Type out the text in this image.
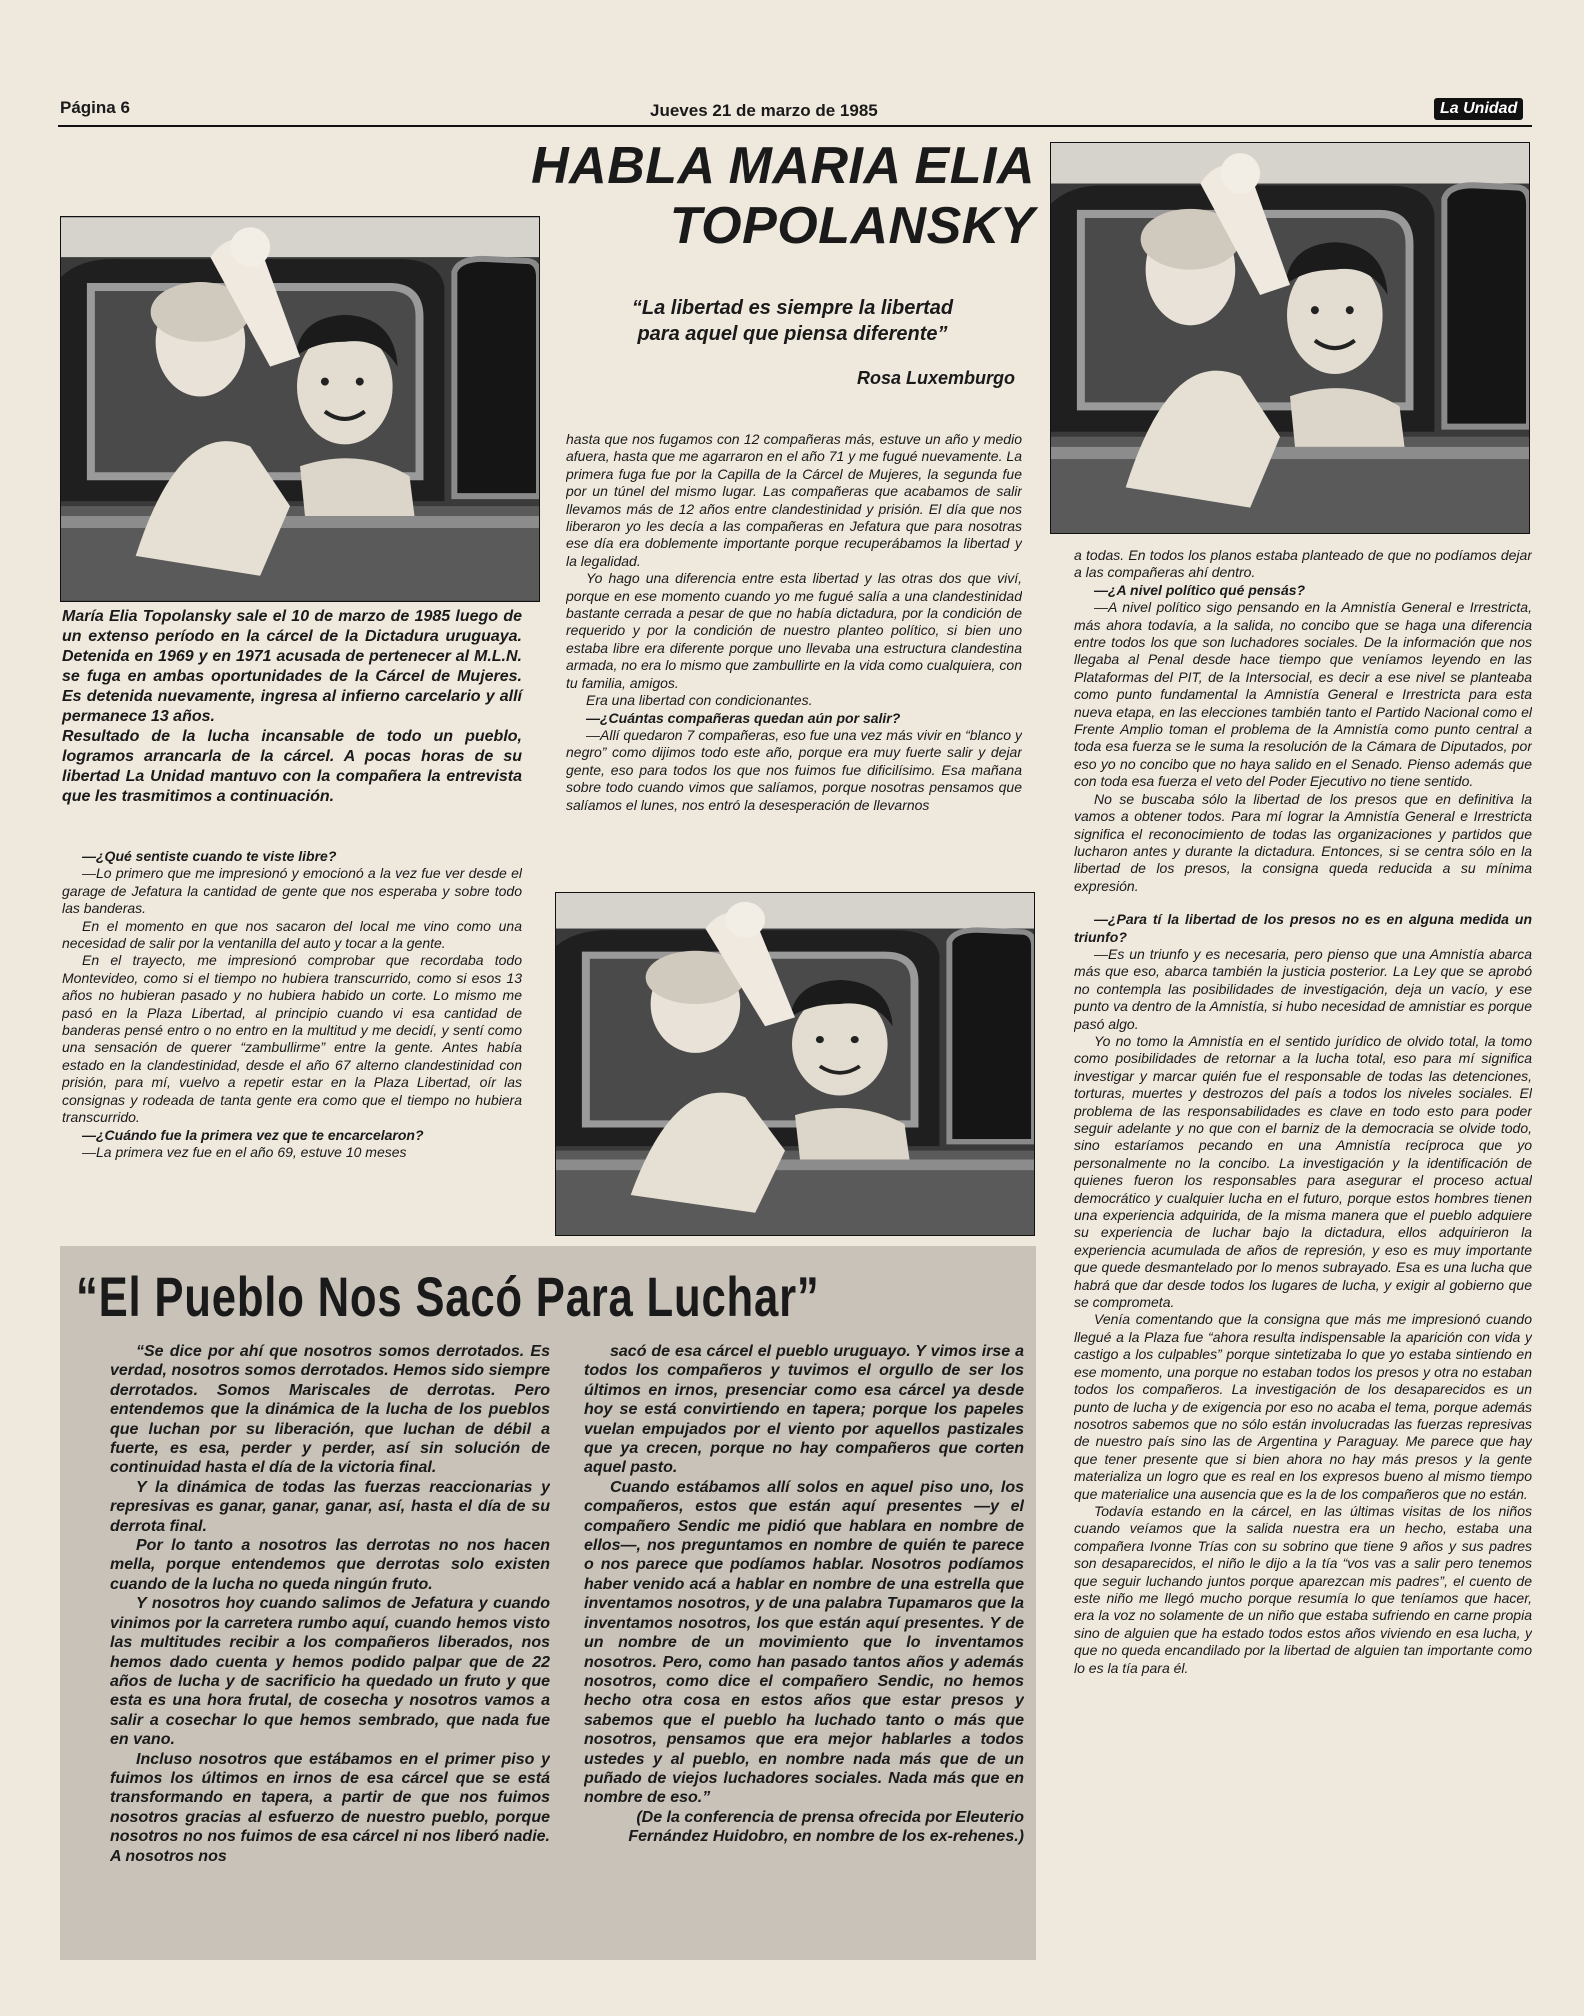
Página 6	Jueves 21 de marzo de 1985	La Unidad
HABLA MARIA ELIA
TOPOLANSKY
“La libertad es siempre la libertad
para aquel que piensa diferente”
Rosa Luxemburgo

María Elia Topolansky sale el 10 de marzo de 1985 luego de un extenso período en la cárcel de la Dictadura uruguaya. Detenida en 1969 y en 1971 acusada de pertenecer al M.L.N. se fuga en ambas oportunidades de la Cárcel de Mujeres. Es detenida nuevamente, ingresa al infierno carcelario y allí permanece 13 años.

Resultado de la lucha incansable de todo un pueblo, logramos arrancarla de la cárcel. A pocas horas de su libertad La Unidad mantuvo con la compañera la entrevista que les trasmitimos a continuación.

—¿Qué sentiste cuando te viste libre?

—Lo primero que me impresionó y emocionó a la vez fue ver desde el garage de Jefatura la cantidad de gente que nos esperaba y sobre todo las banderas.

En el momento en que nos sacaron del local me vino como una necesidad de salir por la ventanilla del auto y tocar a la gente.

En el trayecto, me impresionó comprobar que recordaba todo Montevideo, como si el tiempo no hubiera transcurrido, como si esos 13 años no hubieran pasado y no hubiera habido un corte. Lo mismo me pasó en la Plaza Libertad, al principio cuando vi esa cantidad de banderas pensé entro o no entro en la multitud y me decidí, y sentí como una sensación de querer “zambullirme” entre la gente. Antes había estado en la clandestinidad, desde el año 67 alterno clandestinidad con prisión, para mí, vuelvo a repetir estar en la Plaza Libertad, oír las consignas y rodeada de tanta gente era como que el tiempo no hubiera transcurrido.

—¿Cuándo fue la primera vez que te encarcelaron?

—La primera vez fue en el año 69, estuve 10 meses

hasta que nos fugamos con 12 compañeras más, estuve un año y medio afuera, hasta que me agarraron en el año 71 y me fugué nuevamente. La primera fuga fue por la Capilla de la Cárcel de Mujeres, la segunda fue por un túnel del mismo lugar. Las compañeras que acabamos de salir llevamos más de 12 años entre clandestinidad y prisión. El día que nos liberaron yo les decía a las compañeras en Jefatura que para nosotras ese día era doblemente importante porque recuperábamos la libertad y la legalidad.

Yo hago una diferencia entre esta libertad y las otras dos que viví, porque en ese momento cuando yo me fugué salía a una clandestinidad bastante cerrada a pesar de que no había dictadura, por la condición de requerido y por la condición de nuestro planteo político, si bien uno estaba libre era diferente porque uno llevaba una estructura clandestina armada, no era lo mismo que zambullirte en la vida como cualquiera, con tu familia, amigos.

Era una libertad con condicionantes.

—¿Cuántas compañeras quedan aún por salir?

—Allí quedaron 7 compañeras, eso fue una vez más vivir en “blanco y negro” como dijimos todo este año, porque era muy fuerte salir y dejar gente, eso para todos los que nos fuimos fue dificilísimo. Esa mañana sobre todo cuando vimos que salíamos, porque nosotras pensamos que salíamos el lunes, nos entró la desesperación de llevarnos

a todas. En todos los planos estaba planteado de que no podíamos dejar a las compañeras ahí dentro.

—¿A nivel político qué pensás?

—A nivel político sigo pensando en la Amnistía General e Irrestricta, más ahora todavía, a la salida, no concibo que se haga una diferencia entre todos los que son luchadores sociales. De la información que nos llegaba al Penal desde hace tiempo que veníamos leyendo en las Plataformas del PIT, de la Intersocial, es decir a ese nivel se planteaba como punto fundamental la Amnistía General e Irrestricta para esta nueva etapa, en las elecciones también tanto el Partido Nacional como el Frente Amplio toman el problema de la Amnistía como punto central a toda esa fuerza se le suma la resolución de la Cámara de Diputados, por eso yo no concibo que no haya salido en el Senado. Pienso además que con toda esa fuerza el veto del Poder Ejecutivo no tiene sentido.

No se buscaba sólo la libertad de los presos que en definitiva la vamos a obtener todos. Para mí lograr la Amnistía General e Irrestricta significa el reconocimiento de todas las organizaciones y partidos que lucharon antes y durante la dictadura. Entonces, si se centra sólo en la libertad de los presos, la consigna queda reducida a su mínima expresión.

—¿Para tí la libertad de los presos no es en alguna medida un triunfo?

—Es un triunfo y es necesaria, pero pienso que una Amnistía abarca más que eso, abarca también la justicia posterior. La Ley que se aprobó no contempla las posibilidades de investigación, deja un vacío, y ese punto va dentro de la Amnistía, si hubo necesidad de amnistiar es porque pasó algo.

Yo no tomo la Amnistía en el sentido jurídico de olvido total, la tomo como posibilidades de retornar a la lucha total, eso para mí significa investigar y marcar quién fue el responsable de todas las detenciones, torturas, muertes y destrozos del país a todos los niveles sociales. El problema de las responsabilidades es clave en todo esto para poder seguir adelante y no que con el barniz de la democracia se olvide todo, sino estaríamos pecando en una Amnistía recíproca que yo personalmente no la concibo. La investigación y la identificación de quienes fueron los responsables para asegurar el proceso actual democrático y cualquier lucha en el futuro, porque estos hombres tienen una experiencia adquirida, de la misma manera que el pueblo adquiere su experiencia de luchar bajo la dictadura, ellos adquirieron la experiencia acumulada de años de represión, y eso es muy importante que quede desmantelado por lo menos subrayado. Esa es una lucha que habrá que dar desde todos los lugares de lucha, y exigir al gobierno que se comprometa.

Venía comentando que la consigna que más me impresionó cuando llegué a la Plaza fue “ahora resulta indispensable la aparición con vida y castigo a los culpables” porque sintetizaba lo que yo estaba sintiendo en ese momento, una porque no estaban todos los presos y otra no estaban todos los compañeros. La investigación de los desaparecidos es un punto de lucha y de exigencia por eso no acaba el tema, porque además nosotros sabemos que no sólo están involucradas las fuerzas represivas de nuestro país sino las de Argentina y Paraguay. Me parece que hay que tener presente que si bien ahora no hay más presos y la gente materializa un logro que es real en los expresos bueno al mismo tiempo que materialice una ausencia que es la de los compañeros que no están.

Todavía estando en la cárcel, en las últimas visitas de los niños cuando veíamos que la salida nuestra era un hecho, estaba una compañera Ivonne Trías con su sobrino que tiene 9 años y sus padres son desaparecidos, el niño le dijo a la tía “vos vas a salir pero tenemos que seguir luchando juntos porque aparezcan mis padres”, el cuento de este niño me llegó mucho porque resumía lo que teníamos que hacer, era la voz no solamente de un niño que estaba sufriendo en carne propia sino de alguien que ha estado todos estos años viviendo en esa lucha, y que no queda encandilado por la libertad de alguien tan importante como lo es la tía para él.

“El Pueblo Nos Sacó Para Luchar”

“Se dice por ahí que nosotros somos derrotados. Es verdad, nosotros somos derrotados. Hemos sido siempre derrotados. Somos Mariscales de derrotas. Pero entendemos que la dinámica de la lucha de los pueblos que luchan por su liberación, que luchan de débil a fuerte, es esa, perder y perder, así sin solución de continuidad hasta el día de la victoria final.

Y la dinámica de todas las fuerzas reaccionarias y represivas es ganar, ganar, ganar, así, hasta el día de su derrota final.

Por lo tanto a nosotros las derrotas no nos hacen mella, porque entendemos que derrotas solo existen cuando de la lucha no queda ningún fruto.

Y nosotros hoy cuando salimos de Jefatura y cuando vinimos por la carretera rumbo aquí, cuando hemos visto las multitudes recibir a los compañeros liberados, nos hemos dado cuenta y hemos podido palpar que de 22 años de lucha y de sacrificio ha quedado un fruto y que esta es una hora frutal, de cosecha y nosotros vamos a salir a cosechar lo que hemos sembrado, que nada fue en vano.

Incluso nosotros que estábamos en el primer piso y fuimos los últimos en irnos de esa cárcel que se está transformando en tapera, a partir de que nos fuimos nosotros gracias al esfuerzo de nuestro pueblo, porque nosotros no nos fuimos de esa cárcel ni nos liberó nadie. A nosotros nos

sacó de esa cárcel el pueblo uruguayo. Y vimos irse a todos los compañeros y tuvimos el orgullo de ser los últimos en irnos, presenciar como esa cárcel ya desde hoy se está convirtiendo en tapera; porque los papeles vuelan empujados por el viento por aquellos pastizales que ya crecen, porque no hay compañeros que corten aquel pasto.

Cuando estábamos allí solos en aquel piso uno, los compañeros, estos que están aquí presentes —y el compañero Sendic me pidió que hablara en nombre de ellos—, nos preguntamos en nombre de quién te parece o nos parece que podíamos hablar. Nosotros podíamos haber venido acá a hablar en nombre de una estrella que inventamos nosotros, y de una palabra Tupamaros que la inventamos nosotros, los que están aquí presentes. Y de un nombre de un movimiento que lo inventamos nosotros. Pero, como han pasado tantos años y además nosotros, como dice el compañero Sendic, no hemos hecho otra cosa en estos años que estar presos y sabemos que el pueblo ha luchado tanto o más que nosotros, pensamos que era mejor hablarles a todos ustedes y al pueblo, en nombre nada más que de un puñado de viejos luchadores sociales. Nada más que en nombre de eso.”

(De la conferencia de prensa ofrecida por Eleuterio Fernández Huidobro, en nombre de los ex-rehenes.)
